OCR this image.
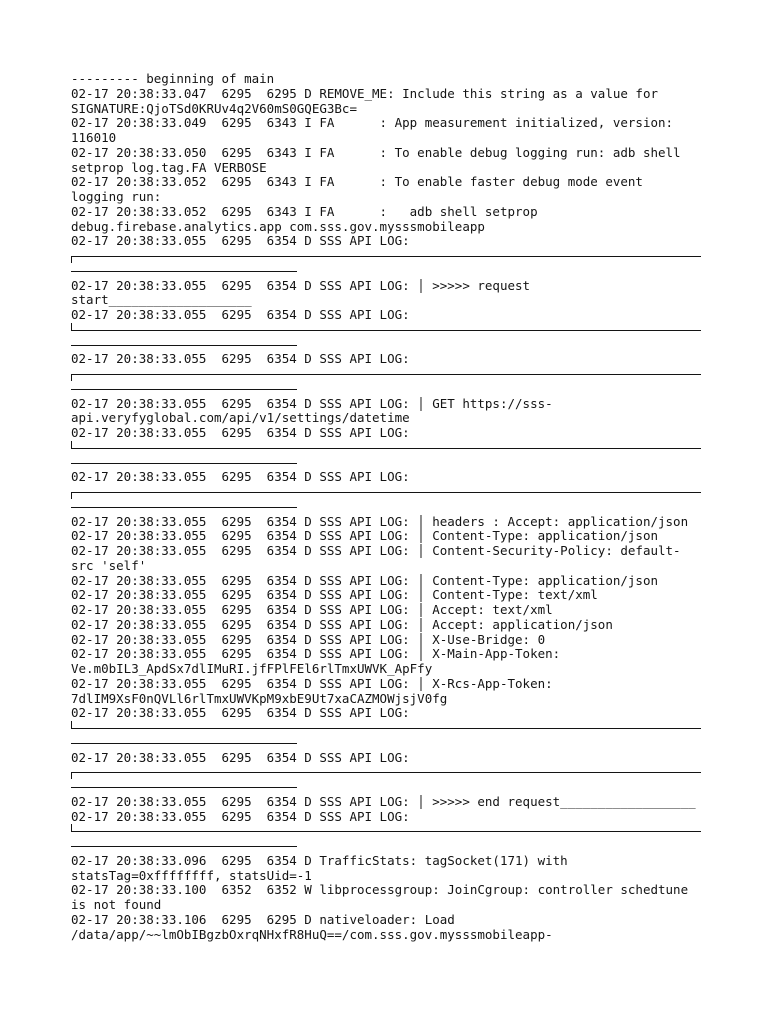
--------- beginning of main
02-17 20:38:33.047  6295  6295 D REMOVE_ME: Include this string as a value for
SIGNATURE:QjoTSd0KRUv4q2V60mS0GQEG3Bc=
02-17 20:38:33.049  6295  6343 I FA      : App measurement initialized, version:
116010
02-17 20:38:33.050  6295  6343 I FA      : To enable debug logging run: adb shell
setprop log.tag.FA VERBOSE
02-17 20:38:33.052  6295  6343 I FA      : To enable faster debug mode event
logging run:
02-17 20:38:33.052  6295  6343 I FA      :   adb shell setprop
debug.firebase.analytics.app com.sss.gov.mysssmobileapp
02-17 20:38:33.055  6295  6354 D SSS API LOG:
02-17 20:38:33.055  6295  6354 D SSS API LOG: │ >>>>> request
start___________________
02-17 20:38:33.055  6295  6354 D SSS API LOG:
02-17 20:38:33.055  6295  6354 D SSS API LOG:
02-17 20:38:33.055  6295  6354 D SSS API LOG: │ GET https://sss-
api.veryfyglobal.com/api/v1/settings/datetime
02-17 20:38:33.055  6295  6354 D SSS API LOG:
02-17 20:38:33.055  6295  6354 D SSS API LOG:
02-17 20:38:33.055  6295  6354 D SSS API LOG: │ headers : Accept: application/json
02-17 20:38:33.055  6295  6354 D SSS API LOG: │ Content-Type: application/json
02-17 20:38:33.055  6295  6354 D SSS API LOG: │ Content-Security-Policy: default-
src 'self'
02-17 20:38:33.055  6295  6354 D SSS API LOG: │ Content-Type: application/json
02-17 20:38:33.055  6295  6354 D SSS API LOG: │ Content-Type: text/xml
02-17 20:38:33.055  6295  6354 D SSS API LOG: │ Accept: text/xml
02-17 20:38:33.055  6295  6354 D SSS API LOG: │ Accept: application/json
02-17 20:38:33.055  6295  6354 D SSS API LOG: │ X-Use-Bridge: 0
02-17 20:38:33.055  6295  6354 D SSS API LOG: │ X-Main-App-Token:
Ve.m0bIL3_ApdSx7dlIMuRI.jfFPlFEl6rlTmxUWVK_ApFfy
02-17 20:38:33.055  6295  6354 D SSS API LOG: │ X-Rcs-App-Token:
7dlIM9XsF0nQVLl6rlTmxUWVKpM9xbE9Ut7xaCAZMOWjsjV0fg
02-17 20:38:33.055  6295  6354 D SSS API LOG:
02-17 20:38:33.055  6295  6354 D SSS API LOG:
02-17 20:38:33.055  6295  6354 D SSS API LOG: │ >>>>> end request__________________
02-17 20:38:33.055  6295  6354 D SSS API LOG:
02-17 20:38:33.096  6295  6354 D TrafficStats: tagSocket(171) with
statsTag=0xffffffff, statsUid=-1
02-17 20:38:33.100  6352  6352 W libprocessgroup: JoinCgroup: controller schedtune
is not found
02-17 20:38:33.106  6295  6295 D nativeloader: Load
/data/app/~~lmObIBgzbOxrqNHxfR8HuQ==/com.sss.gov.mysssmobileapp-
